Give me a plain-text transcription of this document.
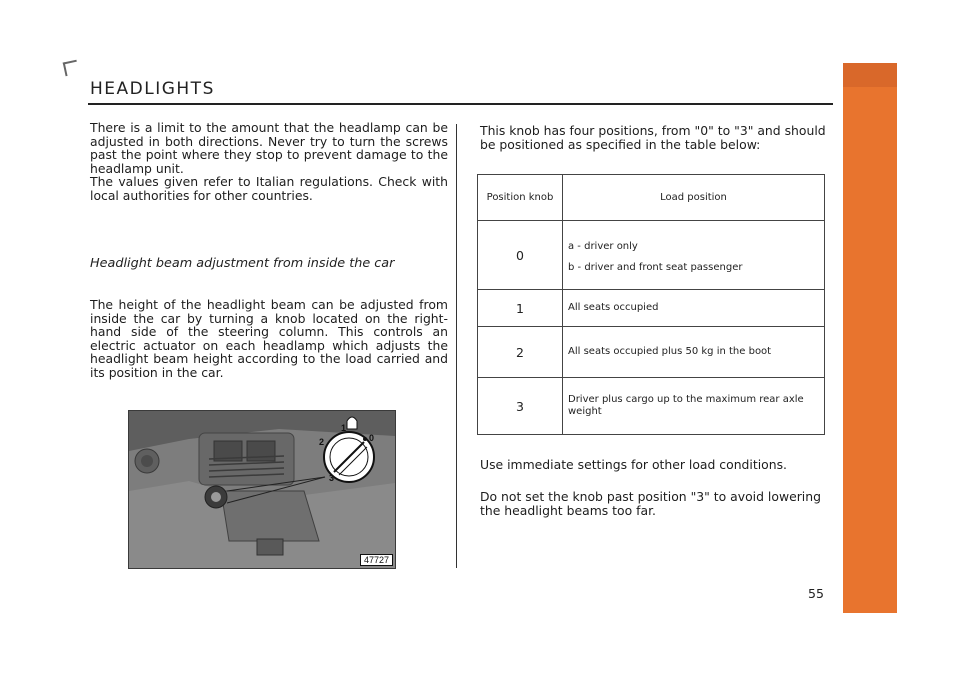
HEADLIGHTS

There is a limit to the amount that the headlamp can be adjusted in both directions. Never try to turn the screws past the point where they stop to prevent damage to the headlamp unit.

The values given refer to Italian regulations. Check with local authorities for other countries.

Headlight beam adjustment from inside the car
The height of the headlight beam can be adjusted from inside the car by turning a knob located on the right-hand side of the steering column. This controls an electric actuator on each headlamp which adjusts the headlight beam height according to the load carried and its position in the car.
0
1
2
3
47727
This knob has four positions, from "0" to "3" and should be positioned as specified in the table below:
Position knob	Load position
0	a - driver only
b - driver and front seat passenger

1	All seats occupied
2	All seats occupied plus 50 kg in the boot
3	Driver plus cargo up to the maximum rear axle weight
Use immediate settings for other load conditions.
Do not set the knob past position "3" to avoid lowering the headlight beams too far.
55
